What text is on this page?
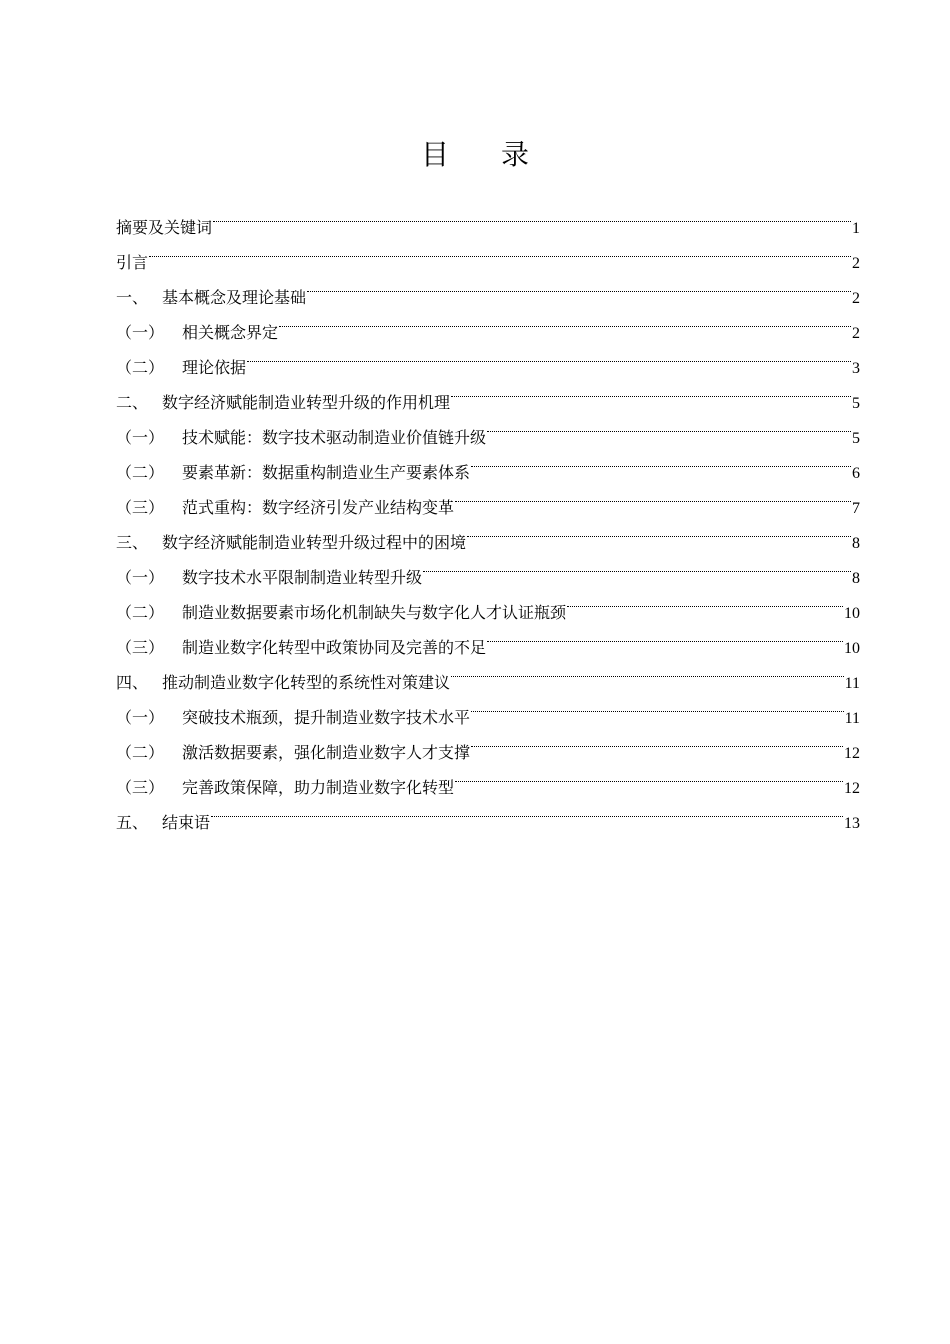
目 录
摘要及关键词	1
引言	2
一、 基本概念及理论基础	2
（一）	相关概念界定	2
（二）	理论依据	3
二、 数字经济赋能制造业转型升级的作用机理	5
（一）	技术赋能：数字技术驱动制造业价值链升级	5
（二）	要素革新：数据重构制造业生产要素体系	6
（三）	范式重构：数字经济引发产业结构变革	7
三、 数字经济赋能制造业转型升级过程中的困境	8
（一）	数字技术水平限制制造业转型升级	8
（二）	制造业数据要素市场化机制缺失与数字化人才认证瓶颈	10
（三）	制造业数字化转型中政策协同及完善的不足	10
四、 推动制造业数字化转型的系统性对策建议	11
（一）	突破技术瓶颈，提升制造业数字技术水平	11
（二）	激活数据要素，强化制造业数字人才支撑	12
（三）	完善政策保障，助力制造业数字化转型	12
五、 结束语	13
